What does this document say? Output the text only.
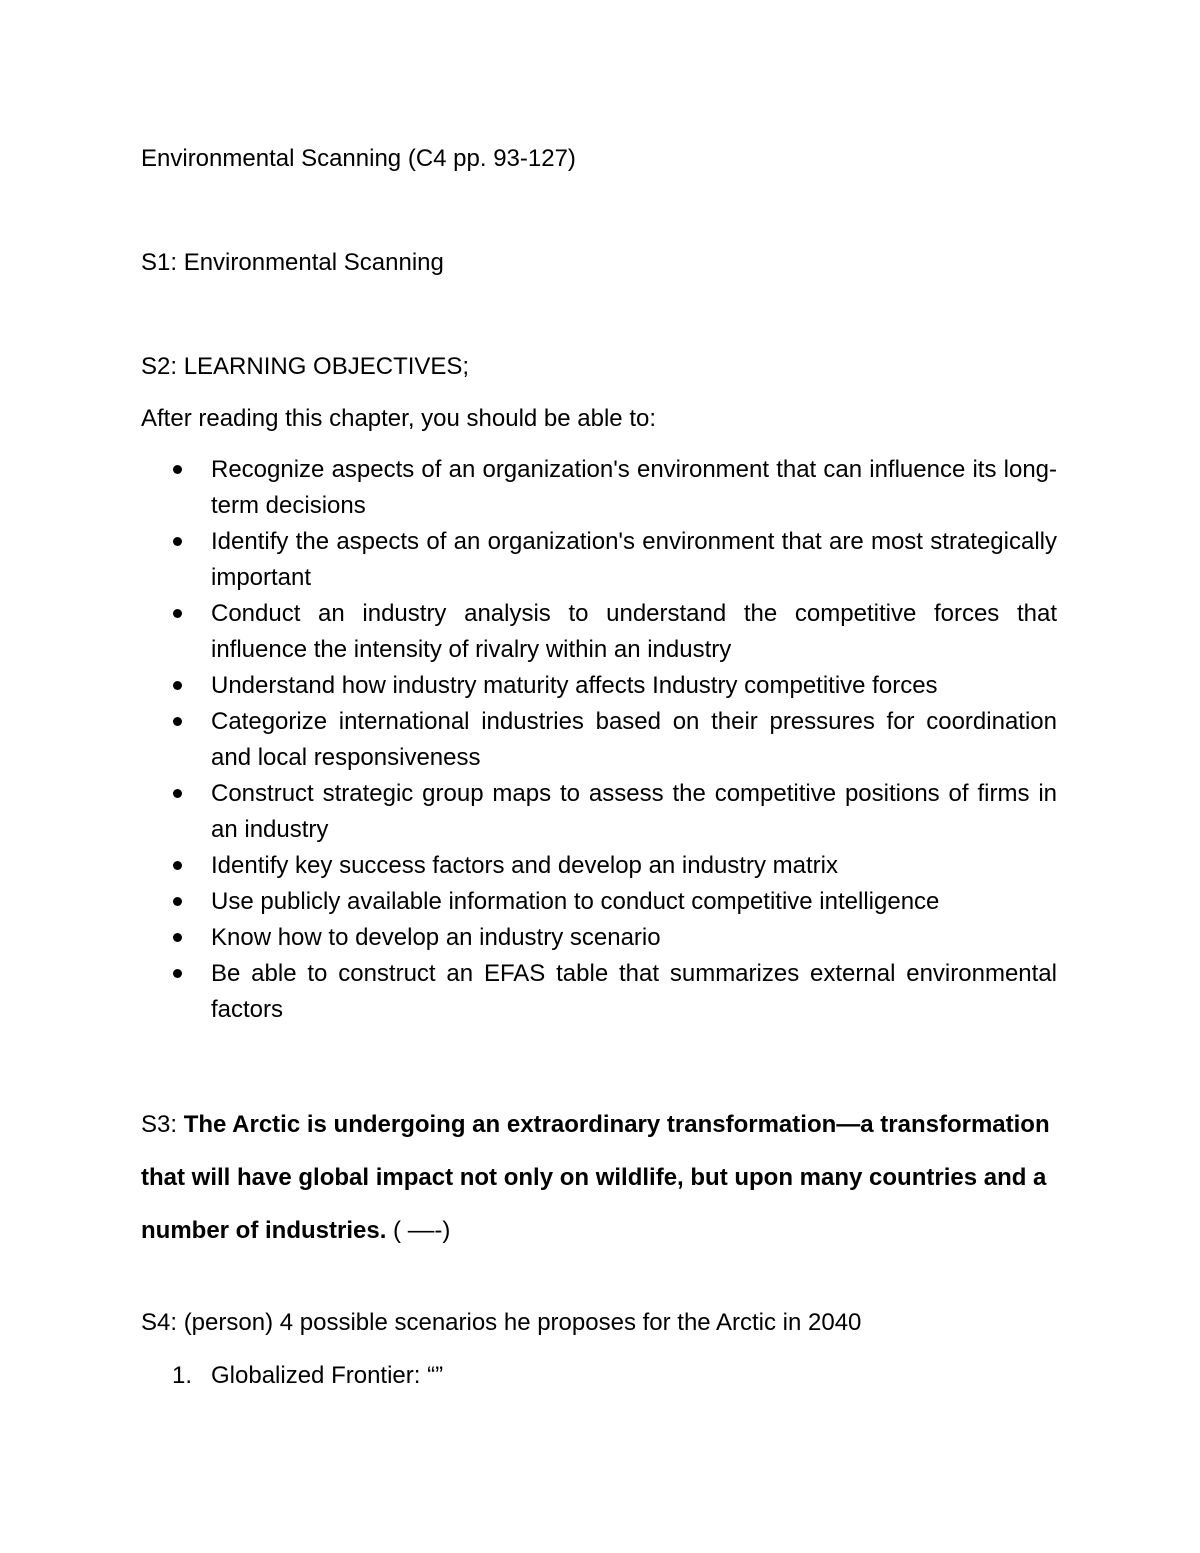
Environmental Scanning (C4 pp. 93-127)
S1: Environmental Scanning
S2: LEARNING OBJECTIVES;
After reading this chapter, you should be able to:
Recognize aspects of an organization's environment that can influence its long- term decisions
Identify the aspects of an organization's environment that are most strategically important
Conduct an industry analysis to understand the competitive forces that influence the intensity of rivalry within an industry
Understand how industry maturity affects Industry competitive forces
Categorize international industries based on their pressures for coordination and local responsiveness
Construct strategic group maps to assess the competitive positions of firms in an industry
Identify key success factors and develop an industry matrix
Use publicly available information to conduct competitive intelligence
Know how to develop an industry scenario
Be able to construct an EFAS table that summarizes external environmental factors

S3: The Arctic is undergoing an extraordinary transformation—a transformation that will have global impact not only on wildlife, but upon many countries and a number of industries. ( ––-)

S4: (person) 4 possible scenarios he proposes for the Arctic in 2040
1. Globalized Frontier: “”
